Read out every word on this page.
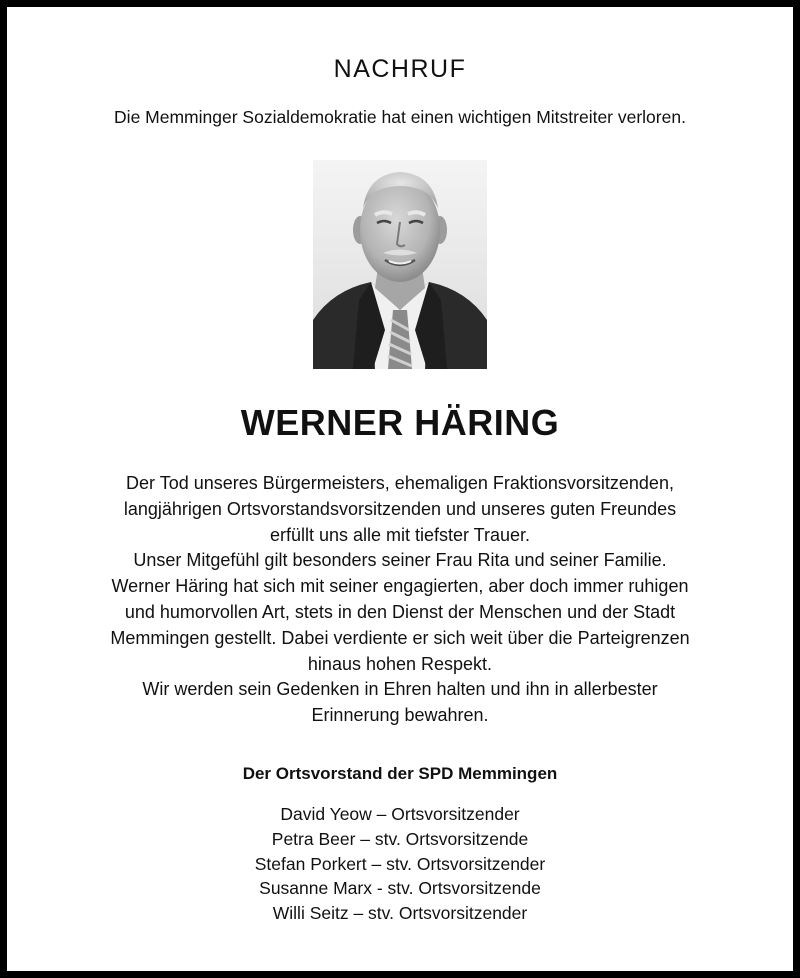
NACHRUF
Die Memminger Sozialdemokratie hat einen wichtigen Mitstreiter verloren.
WERNER HÄRING
Der Tod unseres Bürgermeisters, ehemaligen Fraktionsvorsitzenden,
langjährigen Ortsvorstandsvorsitzenden und unseres guten Freundes
erfüllt uns alle mit tiefster Trauer.
Unser Mitgefühl gilt besonders seiner Frau Rita und seiner Familie.
Werner Häring hat sich mit seiner engagierten, aber doch immer ruhigen
und humorvollen Art, stets in den Dienst der Menschen und der Stadt
Memmingen gestellt. Dabei verdiente er sich weit über die Parteigrenzen
hinaus hohen Respekt.
Wir werden sein Gedenken in Ehren halten und ihn in allerbester
Erinnerung bewahren.
Der Ortsvorstand der SPD Memmingen
David Yeow – Ortsvorsitzender
Petra Beer – stv. Ortsvorsitzende
Stefan Porkert – stv. Ortsvorsitzender
Susanne Marx - stv. Ortsvorsitzende
Willi Seitz – stv. Ortsvorsitzender
